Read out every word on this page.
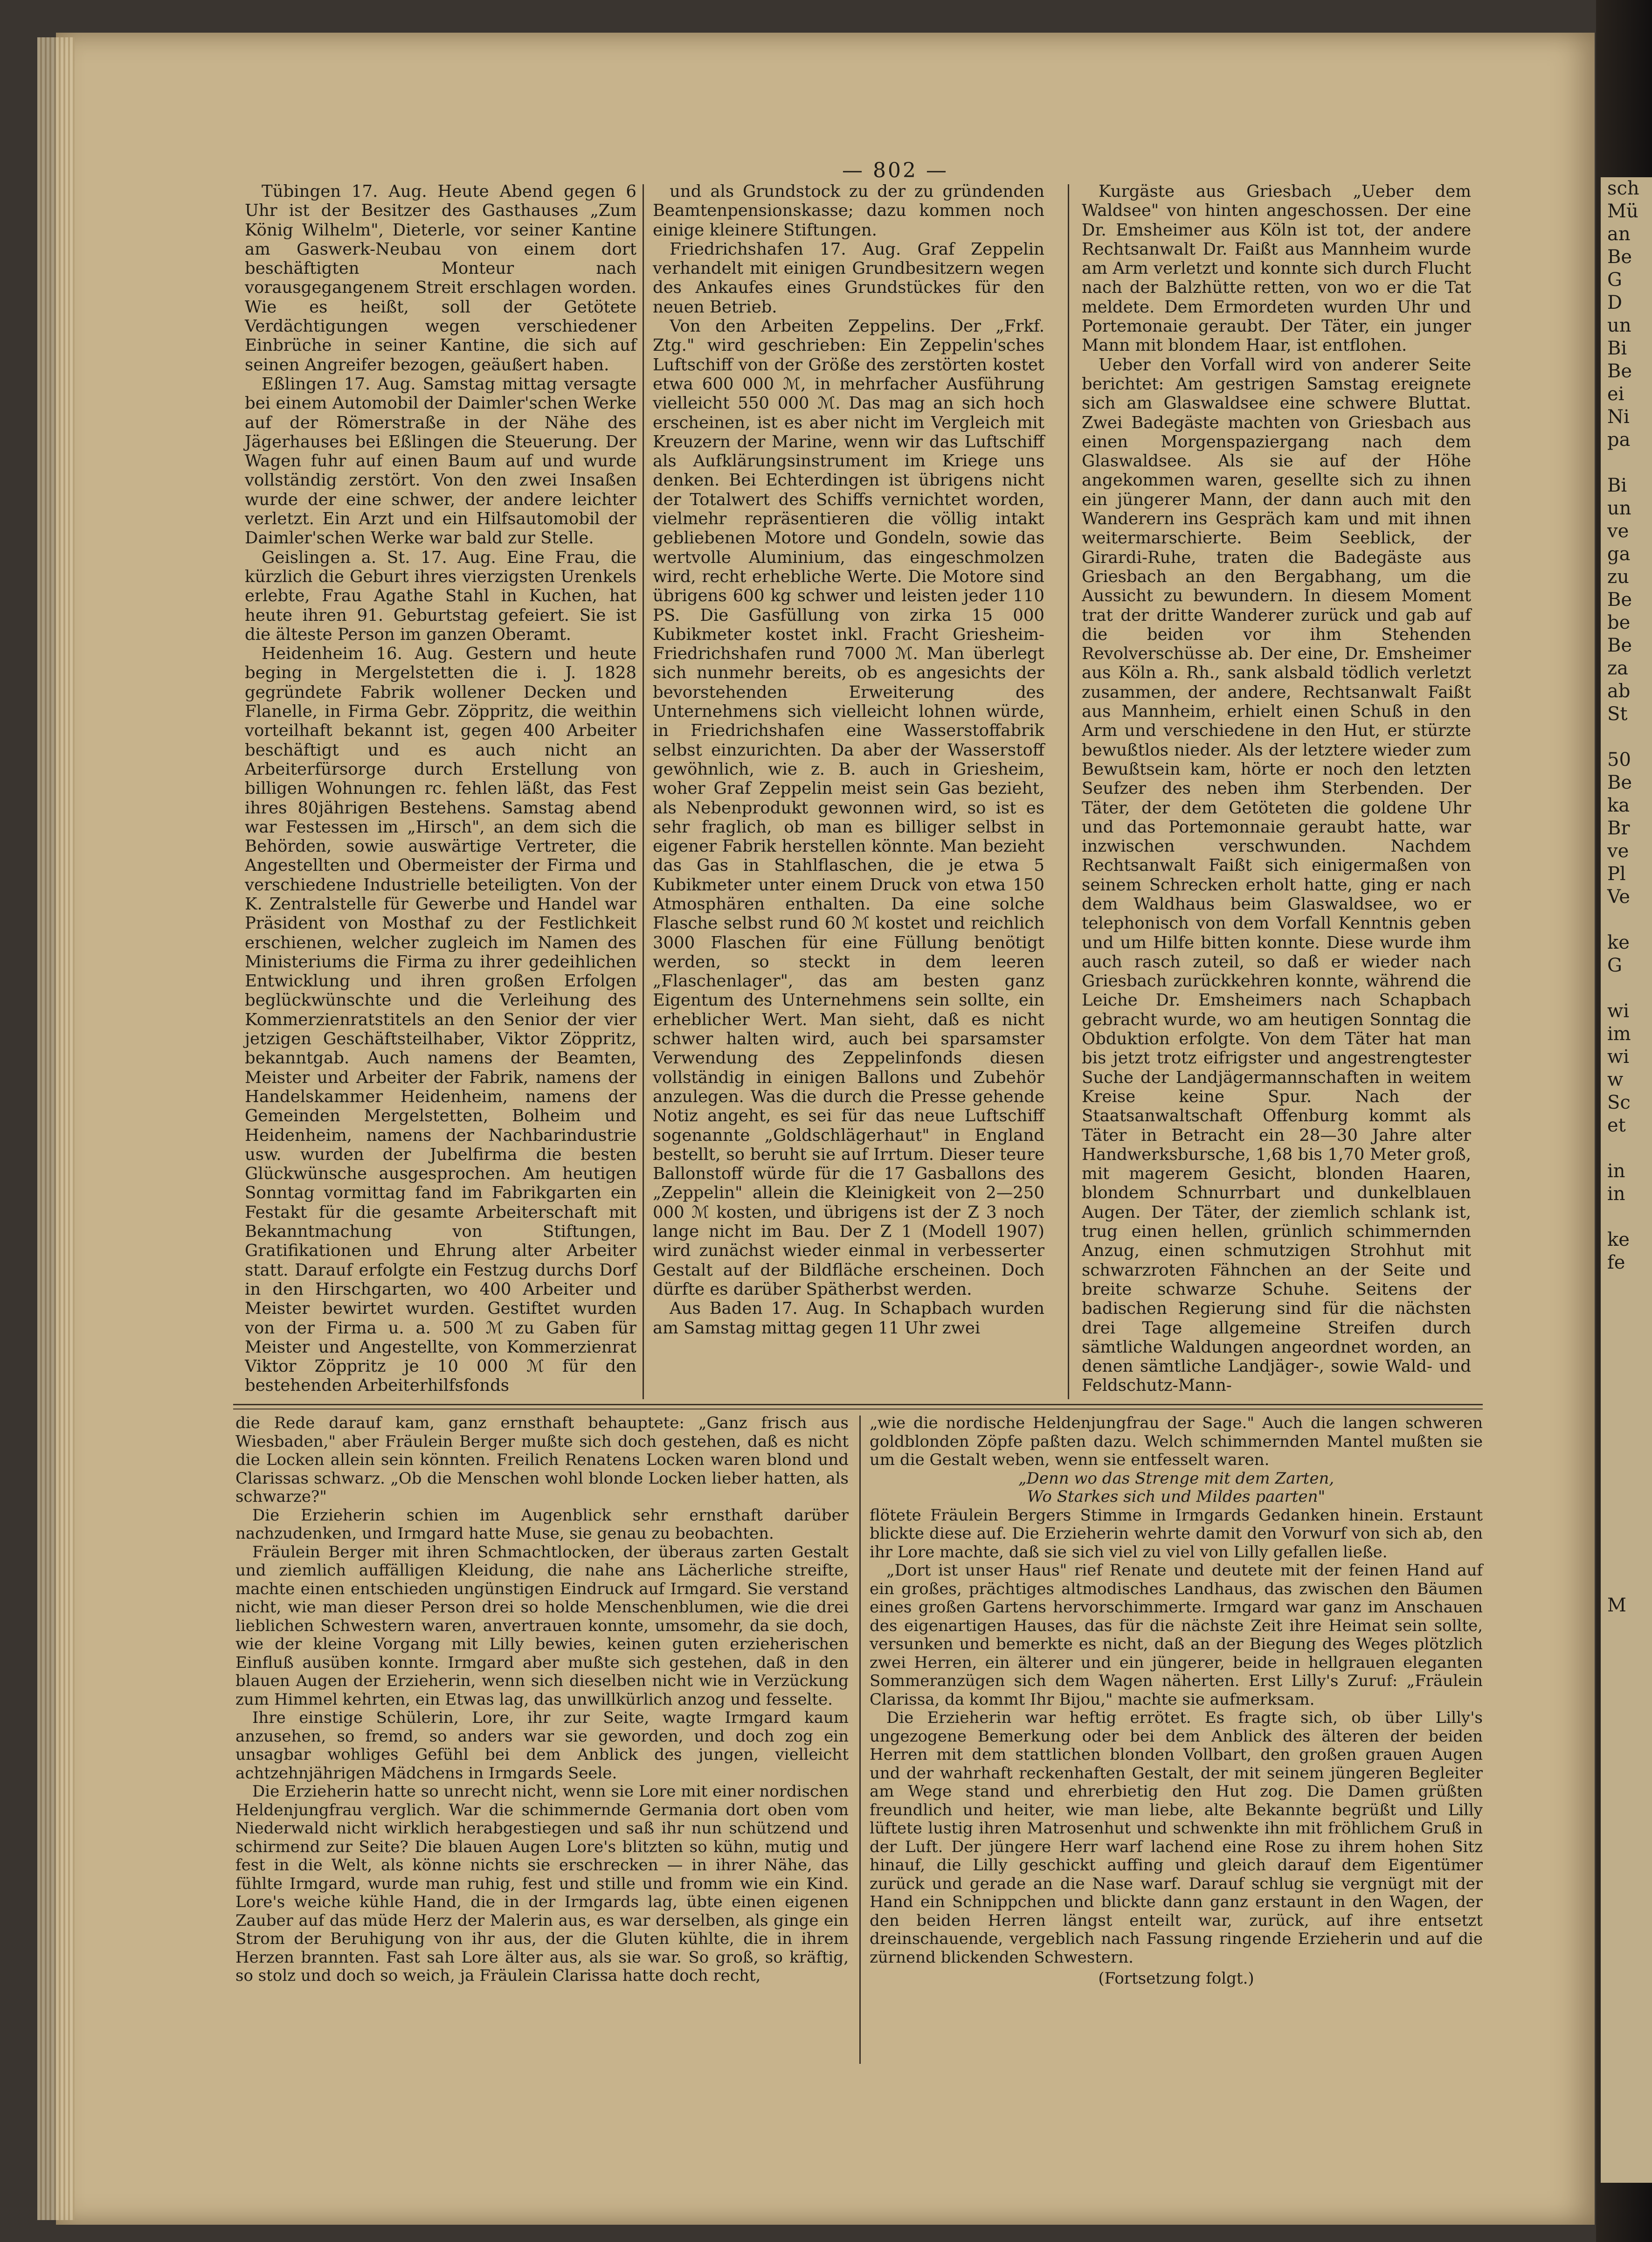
— 802 —

Tübingen 17. Aug. Heute Abend gegen 6 Uhr ist der Besitzer des Gasthauses „Zum König Wilhelm", Dieterle, vor seiner Kantine am Gaswerk-Neubau von einem dort beschäftigten Monteur nach vorausgegangenem Streit erschlagen worden. Wie es heißt, soll der Getötete Verdächtigungen wegen verschiedener Einbrüche in seiner Kantine, die sich auf seinen Angreifer bezogen, geäußert haben.

Eßlingen 17. Aug. Samstag mittag versagte bei einem Automobil der Daimler'schen Werke auf der Römerstraße in der Nähe des Jägerhauses bei Eßlingen die Steuerung. Der Wagen fuhr auf einen Baum auf und wurde vollständig zerstört. Von den zwei Insaßen wurde der eine schwer, der andere leichter verletzt. Ein Arzt und ein Hilfsautomobil der Daimler'schen Werke war bald zur Stelle.

Geislingen a. St. 17. Aug. Eine Frau, die kürzlich die Geburt ihres vierzigsten Urenkels erlebte, Frau Agathe Stahl in Kuchen, hat heute ihren 91. Geburtstag gefeiert. Sie ist die älteste Person im ganzen Oberamt.

Heidenheim 16. Aug. Gestern und heute beging in Mergelstetten die i. J. 1828 gegründete Fabrik wollener Decken und Flanelle, in Firma Gebr. Zöppritz, die weithin vorteilhaft bekannt ist, gegen 400 Arbeiter beschäftigt und es auch nicht an Arbeiterfürsorge durch Erstellung von billigen Wohnungen rc. fehlen läßt, das Fest ihres 80jährigen Bestehens. Samstag abend war Festessen im „Hirsch", an dem sich die Behörden, sowie auswärtige Vertreter, die Angestellten und Obermeister der Firma und verschiedene Industrielle beteiligten. Von der K. Zentralstelle für Gewerbe und Handel war Präsident von Mosthaf zu der Festlichkeit erschienen, welcher zugleich im Namen des Ministeriums die Firma zu ihrer gedeihlichen Entwicklung und ihren großen Erfolgen beglückwünschte und die Verleihung des Kommerzienratstitels an den Senior der vier jetzigen Geschäftsteilhaber, Viktor Zöppritz, bekanntgab. Auch namens der Beamten, Meister und Arbeiter der Fabrik, namens der Handelskammer Heidenheim, namens der Gemeinden Mergelstetten, Bolheim und Heidenheim, namens der Nachbarindustrie usw. wurden der Jubelfirma die besten Glückwünsche ausgesprochen. Am heutigen Sonntag vormittag fand im Fabrikgarten ein Festakt für die gesamte Arbeiterschaft mit Bekanntmachung von Stiftungen, Gratifikationen und Ehrung alter Arbeiter statt. Darauf erfolgte ein Festzug durchs Dorf in den Hirschgarten, wo 400 Arbeiter und Meister bewirtet wurden. Gestiftet wurden von der Firma u. a. 500 ℳ zu Gaben für Meister und Angestellte, von Kommerzienrat Viktor Zöppritz je 10 000 ℳ für den bestehenden Arbeiterhilfsfonds

und als Grundstock zu der zu gründenden Beamtenpensionskasse; dazu kommen noch einige kleinere Stiftungen.

Friedrichshafen 17. Aug. Graf Zeppelin verhandelt mit einigen Grundbesitzern wegen des Ankaufes eines Grundstückes für den neuen Betrieb.

Von den Arbeiten Zeppelins. Der „Frkf. Ztg." wird geschrieben: Ein Zeppelin'sches Luftschiff von der Größe des zerstörten kostet etwa 600 000 ℳ, in mehrfacher Ausführung vielleicht 550 000 ℳ. Das mag an sich hoch erscheinen, ist es aber nicht im Vergleich mit Kreuzern der Marine, wenn wir das Luftschiff als Aufklärungsinstrument im Kriege uns denken. Bei Echterdingen ist übrigens nicht der Totalwert des Schiffs vernichtet worden, vielmehr repräsentieren die völlig intakt gebliebenen Motore und Gondeln, sowie das wertvolle Aluminium, das eingeschmolzen wird, recht erhebliche Werte. Die Motore sind übrigens 600 kg schwer und leisten jeder 110 PS. Die Gasfüllung von zirka 15 000 Kubikmeter kostet inkl. Fracht Griesheim-Friedrichshafen rund 7000 ℳ. Man überlegt sich nunmehr bereits, ob es angesichts der bevorstehenden Erweiterung des Unternehmens sich vielleicht lohnen würde, in Friedrichshafen eine Wasserstoffabrik selbst einzurichten. Da aber der Wasserstoff gewöhnlich, wie z. B. auch in Griesheim, woher Graf Zeppelin meist sein Gas bezieht, als Nebenprodukt gewonnen wird, so ist es sehr fraglich, ob man es billiger selbst in eigener Fabrik herstellen könnte. Man bezieht das Gas in Stahlflaschen, die je etwa 5 Kubikmeter unter einem Druck von etwa 150 Atmosphären enthalten. Da eine solche Flasche selbst rund 60 ℳ kostet und reichlich 3000 Flaschen für eine Füllung benötigt werden, so steckt in dem leeren „Flaschenlager", das am besten ganz Eigentum des Unternehmens sein sollte, ein erheblicher Wert. Man sieht, daß es nicht schwer halten wird, auch bei sparsamster Verwendung des Zeppelinfonds diesen vollständig in einigen Ballons und Zubehör anzulegen. Was die durch die Presse gehende Notiz angeht, es sei für das neue Luftschiff sogenannte „Goldschlägerhaut" in England bestellt, so beruht sie auf Irrtum. Dieser teure Ballonstoff würde für die 17 Gasballons des „Zeppelin" allein die Kleinigkeit von 2—250 000 ℳ kosten, und übrigens ist der Z 3 noch lange nicht im Bau. Der Z 1 (Modell 1907) wird zunächst wieder einmal in verbesserter Gestalt auf der Bildfläche erscheinen. Doch dürfte es darüber Spätherbst werden.

Aus Baden 17. Aug. In Schapbach wurden am Samstag mittag gegen 11 Uhr zwei

Kurgäste aus Griesbach „Ueber dem Waldsee" von hinten angeschossen. Der eine Dr. Emsheimer aus Köln ist tot, der andere Rechtsanwalt Dr. Faißt aus Mannheim wurde am Arm verletzt und konnte sich durch Flucht nach der Balzhütte retten, von wo er die Tat meldete. Dem Ermordeten wurden Uhr und Portemonaie geraubt. Der Täter, ein junger Mann mit blondem Haar, ist entflohen.

Ueber den Vorfall wird von anderer Seite berichtet: Am gestrigen Samstag ereignete sich am Glaswaldsee eine schwere Bluttat. Zwei Badegäste machten von Griesbach aus einen Morgenspaziergang nach dem Glaswaldsee. Als sie auf der Höhe angekommen waren, gesellte sich zu ihnen ein jüngerer Mann, der dann auch mit den Wanderern ins Gespräch kam und mit ihnen weitermarschierte. Beim Seeblick, der Girardi-Ruhe, traten die Badegäste aus Griesbach an den Bergabhang, um die Aussicht zu bewundern. In diesem Moment trat der dritte Wanderer zurück und gab auf die beiden vor ihm Stehenden Revolverschüsse ab. Der eine, Dr. Emsheimer aus Köln a. Rh., sank alsbald tödlich verletzt zusammen, der andere, Rechtsanwalt Faißt aus Mannheim, erhielt einen Schuß in den Arm und verschiedene in den Hut, er stürzte bewußtlos nieder. Als der letztere wieder zum Bewußtsein kam, hörte er noch den letzten Seufzer des neben ihm Sterbenden. Der Täter, der dem Getöteten die goldene Uhr und das Portemonnaie geraubt hatte, war inzwischen verschwunden. Nachdem Rechtsanwalt Faißt sich einigermaßen von seinem Schrecken erholt hatte, ging er nach dem Waldhaus beim Glaswaldsee, wo er telephonisch von dem Vorfall Kenntnis geben und um Hilfe bitten konnte. Diese wurde ihm auch rasch zuteil, so daß er wieder nach Griesbach zurückkehren konnte, während die Leiche Dr. Emsheimers nach Schapbach gebracht wurde, wo am heutigen Sonntag die Obduktion erfolgte. Von dem Täter hat man bis jetzt trotz eifrigster und angestrengtester Suche der Landjägermannschaften in weitem Kreise keine Spur. Nach der Staatsanwaltschaft Offenburg kommt als Täter in Betracht ein 28—30 Jahre alter Handwerksbursche, 1,68 bis 1,70 Meter groß, mit magerem Gesicht, blonden Haaren, blondem Schnurrbart und dunkelblauen Augen. Der Täter, der ziemlich schlank ist, trug einen hellen, grünlich schimmernden Anzug, einen schmutzigen Strohhut mit schwarzroten Fähnchen an der Seite und breite schwarze Schuhe. Seitens der badischen Regierung sind für die nächsten drei Tage allgemeine Streifen durch sämtliche Waldungen angeordnet worden, an denen sämtliche Landjäger-, sowie Wald- und Feldschutz-Mann-

die Rede darauf kam, ganz ernsthaft behauptete: „Ganz frisch aus Wiesbaden," aber Fräulein Berger mußte sich doch gestehen, daß es nicht die Locken allein sein könnten. Freilich Renatens Locken waren blond und Clarissas schwarz. „Ob die Menschen wohl blonde Locken lieber hatten, als schwarze?"

Die Erzieherin schien im Augenblick sehr ernsthaft darüber nachzudenken, und Irmgard hatte Muse, sie genau zu beobachten.

Fräulein Berger mit ihren Schmachtlocken, der überaus zarten Gestalt und ziemlich auffälligen Kleidung, die nahe ans Lächerliche streifte, machte einen entschieden ungünstigen Eindruck auf Irmgard. Sie verstand nicht, wie man dieser Person drei so holde Menschenblumen, wie die drei lieblichen Schwestern waren, anvertrauen konnte, umsomehr, da sie doch, wie der kleine Vorgang mit Lilly bewies, keinen guten erzieherischen Einfluß ausüben konnte. Irmgard aber mußte sich gestehen, daß in den blauen Augen der Erzieherin, wenn sich dieselben nicht wie in Verzückung zum Himmel kehrten, ein Etwas lag, das unwillkürlich anzog und fesselte.

Ihre einstige Schülerin, Lore, ihr zur Seite, wagte Irmgard kaum anzusehen, so fremd, so anders war sie geworden, und doch zog ein unsagbar wohliges Gefühl bei dem Anblick des jungen, vielleicht achtzehnjährigen Mädchens in Irmgards Seele.

Die Erzieherin hatte so unrecht nicht, wenn sie Lore mit einer nordischen Heldenjungfrau verglich. War die schimmernde Germania dort oben vom Niederwald nicht wirklich herabgestiegen und saß ihr nun schützend und schirmend zur Seite? Die blauen Augen Lore's blitzten so kühn, mutig und fest in die Welt, als könne nichts sie erschrecken — in ihrer Nähe, das fühlte Irmgard, wurde man ruhig, fest und stille und fromm wie ein Kind. Lore's weiche kühle Hand, die in der Irmgards lag, übte einen eigenen Zauber auf das müde Herz der Malerin aus, es war derselben, als ginge ein Strom der Beruhigung von ihr aus, der die Gluten kühlte, die in ihrem Herzen brannten. Fast sah Lore älter aus, als sie war. So groß, so kräftig, so stolz und doch so weich, ja Fräulein Clarissa hatte doch recht,

„wie die nordische Heldenjungfrau der Sage." Auch die langen schweren goldblonden Zöpfe paßten dazu. Welch schimmernden Mantel mußten sie um die Gestalt weben, wenn sie entfesselt waren.

„Denn wo das Strenge mit dem Zarten,

Wo Starkes sich und Mildes paarten"

flötete Fräulein Bergers Stimme in Irmgards Gedanken hinein. Erstaunt blickte diese auf. Die Erzieherin wehrte damit den Vorwurf von sich ab, den ihr Lore machte, daß sie sich viel zu viel von Lilly gefallen ließe.

„Dort ist unser Haus" rief Renate und deutete mit der feinen Hand auf ein großes, prächtiges altmodisches Landhaus, das zwischen den Bäumen eines großen Gartens hervorschimmerte. Irmgard war ganz im Anschauen des eigenartigen Hauses, das für die nächste Zeit ihre Heimat sein sollte, versunken und bemerkte es nicht, daß an der Biegung des Weges plötzlich zwei Herren, ein älterer und ein jüngerer, beide in hellgrauen eleganten Sommeranzügen sich dem Wagen näherten. Erst Lilly's Zuruf: „Fräulein Clarissa, da kommt Ihr Bijou," machte sie aufmerksam.

Die Erzieherin war heftig errötet. Es fragte sich, ob über Lilly's ungezogene Bemerkung oder bei dem Anblick des älteren der beiden Herren mit dem stattlichen blonden Vollbart, den großen grauen Augen und der wahrhaft reckenhaften Gestalt, der mit seinem jüngeren Begleiter am Wege stand und ehrerbietig den Hut zog. Die Damen grüßten freundlich und heiter, wie man liebe, alte Bekannte begrüßt und Lilly lüftete lustig ihren Matrosenhut und schwenkte ihn mit fröhlichem Gruß in der Luft. Der jüngere Herr warf lachend eine Rose zu ihrem hohen Sitz hinauf, die Lilly geschickt auffing und gleich darauf dem Eigentümer zurück und gerade an die Nase warf. Darauf schlug sie vergnügt mit der Hand ein Schnippchen und blickte dann ganz erstaunt in den Wagen, der den beiden Herren längst enteilt war, zurück, auf ihre entsetzt dreinschauende, vergeblich nach Fassung ringende Erzieherin und auf die zürnend blickenden Schwestern.

(Fortsetzung folgt.)

sch
Mü
an
Be
G
D
un
Bi
Be
ei
Ni
pa

Bi
un
ve
ga
zu
Be
be
Be
za
ab
St

50
Be
ka
Br
ve
Pl
Ve

ke
G

wi
im
wi
w
Sc
et

in
in

ke
fe

M
